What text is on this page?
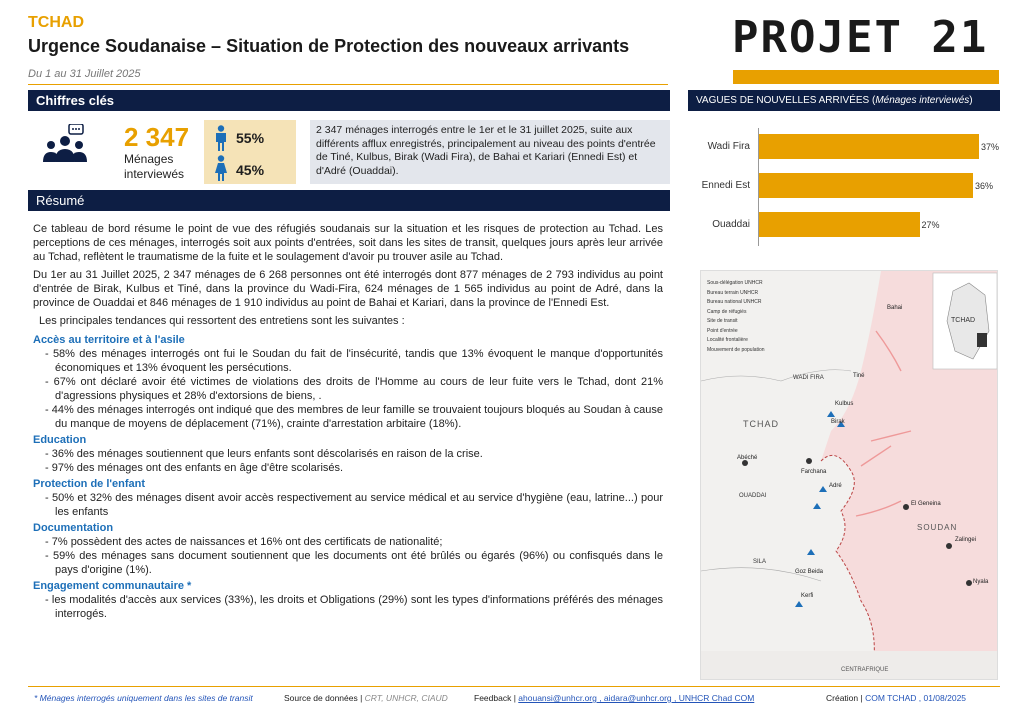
TCHAD
Urgence Soudanaise – Situation de Protection des nouveaux arrivants
Du 1 au 31 Juillet 2025
PROJET 21
Chiffres clés
2 347
Ménages interviewés
55%
45%
2 347 ménages interrogés entre le 1er et le 31 juillet 2025, suite aux différents afflux enregistrés, principalement au niveau des points d'entrée de Tiné, Kulbus, Birak (Wadi Fira), de Bahai et Kariari (Ennedi Est) et d'Adré (Ouaddai).
Résumé

Ce tableau de bord résume le point de vue des réfugiés soudanais sur la situation et les risques de protection au Tchad. Les perceptions de ces ménages, interrogés soit aux points d'entrées, soit dans les sites de transit, quelques jours après leur arrivée au Tchad, reflètent le traumatisme de la fuite et le soulagement d'avoir pu trouver asile au Tchad.

Du 1er au 31 Juillet 2025, 2 347 ménages de 6 268 personnes ont été interrogés dont 877 ménages de 2 793 individus au point d'entrée de Birak, Kulbus et Tiné, dans la province du Wadi-Fira, 624 ménages de 1 565 individus au point de Adré, dans la province de Ouaddai et 846 ménages de 1 910 individus au point de Bahai et Kariari, dans la province de l'Ennedi Est.

Les principales tendances qui ressortent des entretiens sont les suivantes :

Accès au territoire et à l'asile
- 58% des ménages interrogés ont fui le Soudan du fait de l'insécurité, tandis que 13% évoquent le manque d'opportunités économiques et 13% évoquent les persécutions.
- 67% ont déclaré avoir été victimes de violations des droits de l'Homme au cours de leur fuite vers le Tchad, dont 21% d'agressions physiques et 28% d'extorsions de biens, .
- 44% des ménages interrogés ont indiqué que des membres de leur famille se trouvaient toujours bloqués au Soudan à cause du manque de moyens de déplacement (71%), crainte d'arrestation arbitaire (18%).
Education
- 36% des ménages soutiennent que leurs enfants sont déscolarisés en raison de la crise.
- 97% des ménages ont des enfants en âge d'être scolarisés.
Protection de l'enfant
- 50% et 32% des ménages disent avoir accès respectivement au service médical et au service d'hygiène (eau, latrine...) pour les enfants
Documentation
- 7% possèdent des actes de naissances et 16% ont des certificats de nationalité;
- 59% des ménages sans document soutiennent que les documents ont été brûlés ou égarés (96%) ou confisqués dans le pays d'origine (1%).
Engagement communautaire *
- les modalités d'accès aux services (33%), les droits et Obligations (29%) sont les types d'informations préférés des ménages interrogés.
VAGUES DE NOUVELLES ARRIVÉES (Ménages interviewés)
Wadi Fira	37%
Ennedi Est	36%
Ouaddai	27%
TCHAD
SOUDAN
TCHAD
WADI FIRA
OUADDAI
SILA
CENTRAFRIQUE
Abéché
Farchana
Adré
El Geneina
Zalingei
Nyala
Kulbus
Tiné
Bahai
Birak
Goz Beida
Kerfi
Sous-délégation UNHCR
Bureau terrain UNHCR
Bureau national UNHCR
Camp de réfugiés
Site de transit
Point d'entrée
Localité frontalière
Mouvement de population
* Ménages interrogés uniquement dans les sites de transit	Source de données | CRT, UNHCR, CIAUD	Feedback | ahouansi@unhcr.org , aidara@unhcr.org , UNHCR Chad COM	Création | COM TCHAD , 01/08/2025
